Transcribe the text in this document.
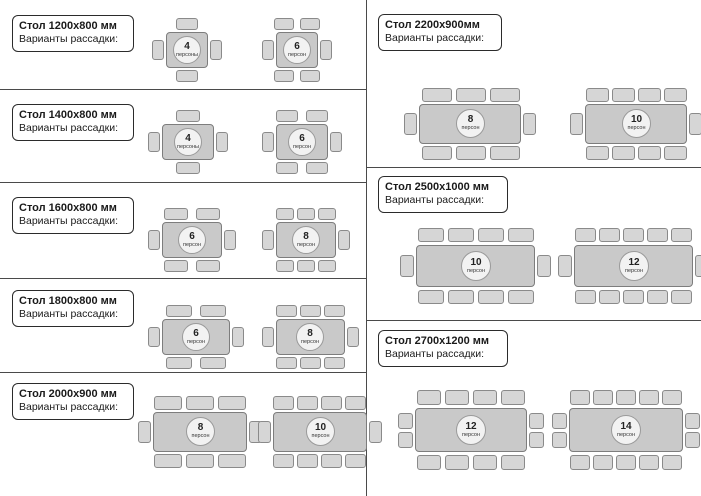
Стол 1200x800 мм
Варианты рассадки:
Стол 1400x800 мм
Варианты рассадки:
Стол 1600x800 мм
Варианты рассадки:
Стол 1800x800 мм
Варианты рассадки:
Стол 2000x900 мм
Варианты рассадки:
Стол 2200x900мм
Варианты рассадки:
Стол 2500x1000 мм
Варианты рассадки:
Стол 2700x1200 мм
Варианты рассадки:
4
персоны
6
персон
4
персоны
6
персон
6
персон
8
персон
6
персон
8
персон
8
персон
10
персон
8
персон
10
персон
10
персон
12
персон
12
персон
14
персон
